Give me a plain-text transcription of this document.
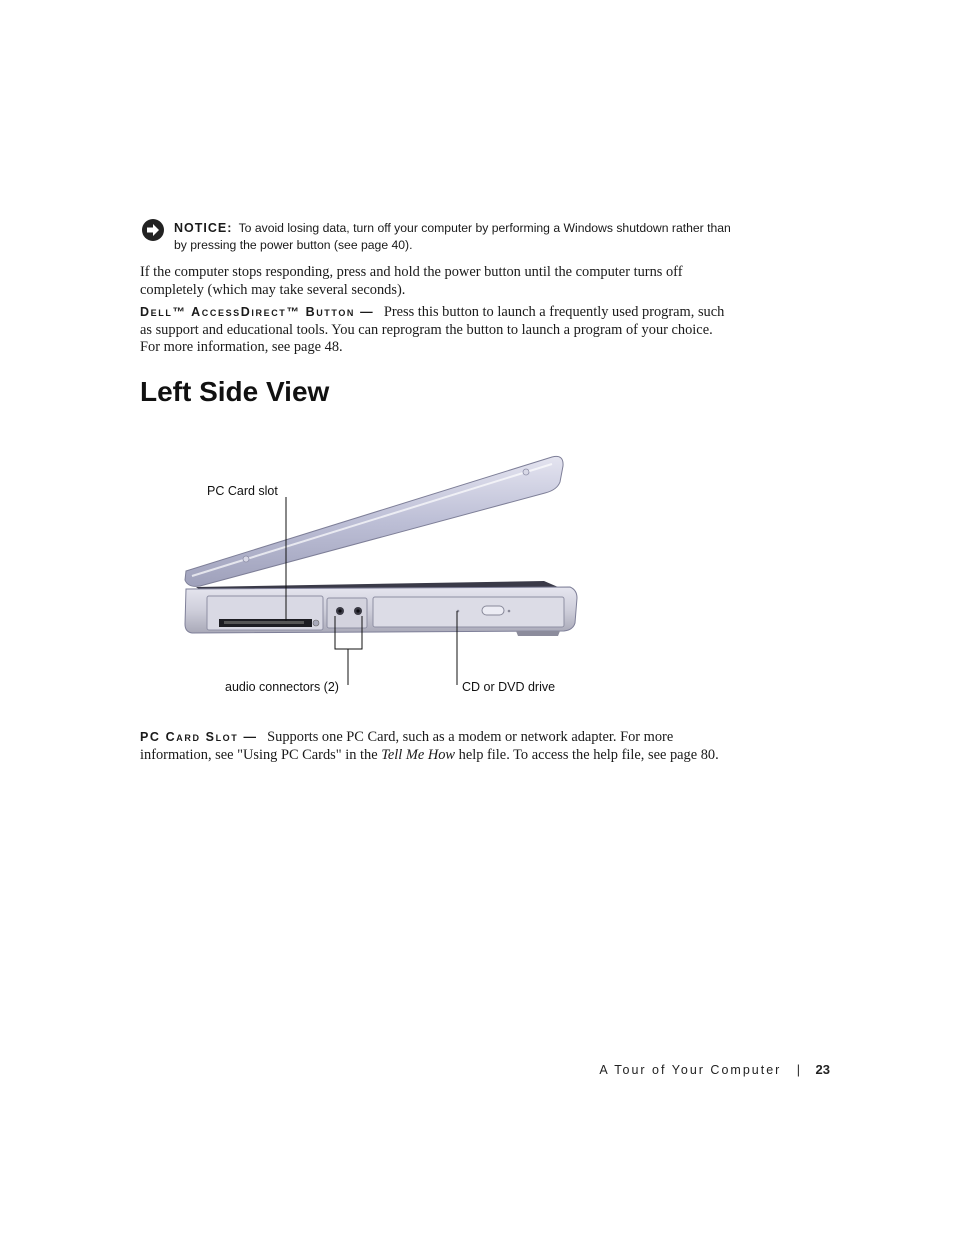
NOTICE: To avoid losing data, turn off your computer by performing a Windows shutdown rather than by pressing the power button (see page 40).
If the computer stops responding, press and hold the power button until the computer turns off completely (which may take several seconds).
Dell™ AccessDirect™ Button — Press this button to launch a frequently used program, such as support and educational tools. You can reprogram the button to launch a program of your choice. For more information, see page 48.
Left Side View
PC Card slot
audio connectors (2)	CD or DVD drive
PC Card Slot — Supports one PC Card, such as a modem or network adapter. For more information, see "Using PC Cards" in the Tell Me How help file. To access the help file, see page 80.
A Tour of Your Computer | 23
